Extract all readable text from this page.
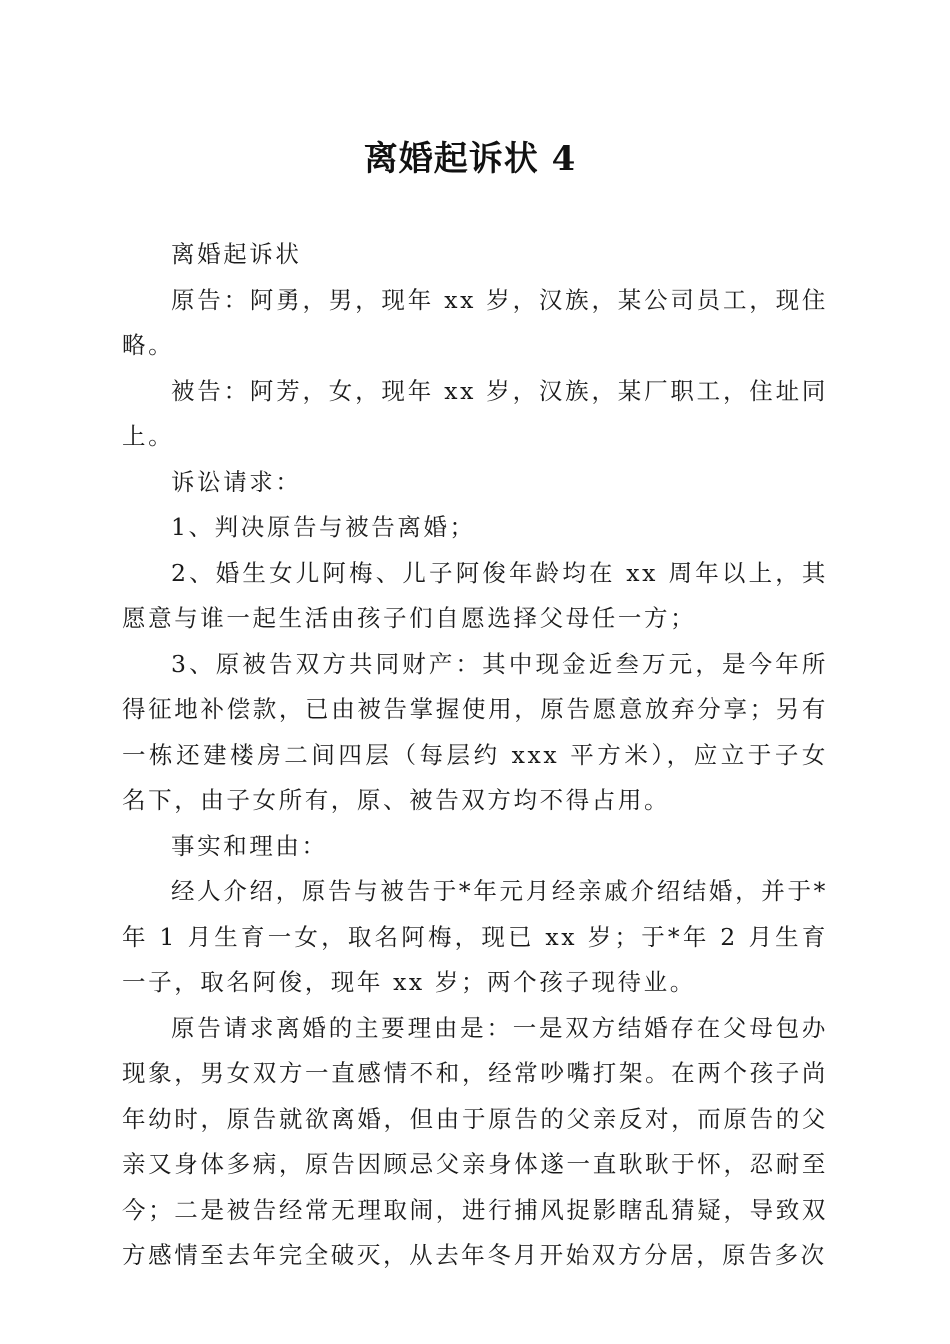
离婚起诉状 4

离婚起诉状

原告：阿勇，男，现年 xx 岁，汉族，某公司员工，现住略。

被告：阿芳，女，现年 xx 岁，汉族，某厂职工，住址同上。

诉讼请求：

1、判决原告与被告离婚；

2、婚生女儿阿梅、儿子阿俊年龄均在 xx 周年以上，其愿意与谁一起生活由孩子们自愿选择父母任一方；

3、原被告双方共同财产：其中现金近叁万元，是今年所得征地补偿款，已由被告掌握使用，原告愿意放弃分享；另有一栋还建楼房二间四层（每层约 xxx 平方米），应立于子女名下，由子女所有，原、被告双方均不得占用。

事实和理由：

经人介绍，原告与被告于*年元月经亲戚介绍结婚，并于*年 1 月生育一女，取名阿梅，现已 xx 岁；于*年 2 月生育一子，取名阿俊，现年 xx 岁；两个孩子现待业。

原告请求离婚的主要理由是：一是双方结婚存在父母包办现象，男女双方一直感情不和，经常吵嘴打架。在两个孩子尚年幼时，原告就欲离婚，但由于原告的父亲反对，而原告的父亲又身体多病，原告因顾忌父亲身体遂一直耿耿于怀，忍耐至今；二是被告经常无理取闹，进行捕风捉影瞎乱猜疑，导致双方感情至去年完全破灭，从去年冬月开始双方分居，原告多次
